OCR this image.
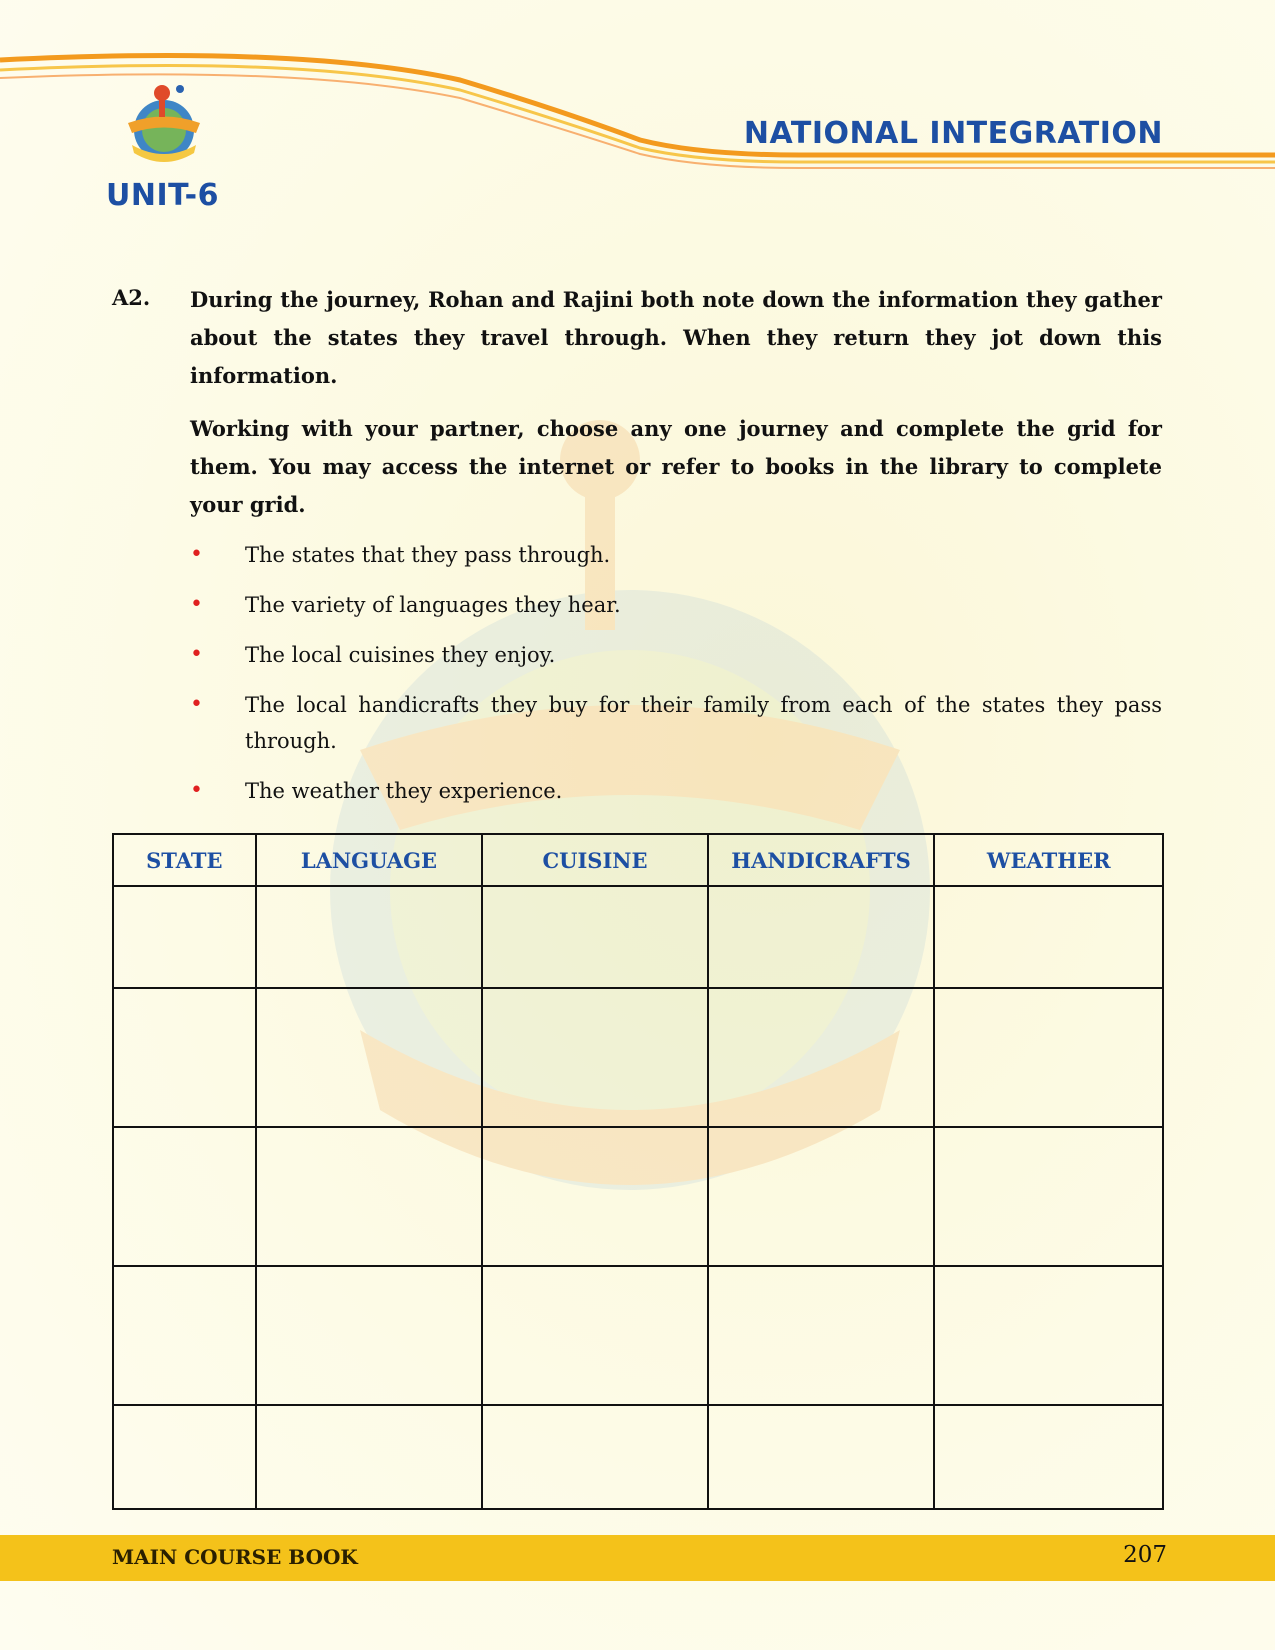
UNIT-6
NATIONAL INTEGRATION
A2. During the journey, Rohan and Rajini both note down the information they gather about the states they travel through. When they return they jot down this information.

Working with your partner, choose any one journey and complete the grid for them. You may access the internet or refer to books in the library to complete your grid.

• The states that they pass through.
• The variety of languages they hear.
• The local cuisines they enjoy.
• The local handicrafts they buy for their family from each of the states they pass through.
• The weather they experience.
STATE	LANGUAGE	CUISINE	HANDICRAFTS	WEATHER

MAIN COURSE BOOK	207
